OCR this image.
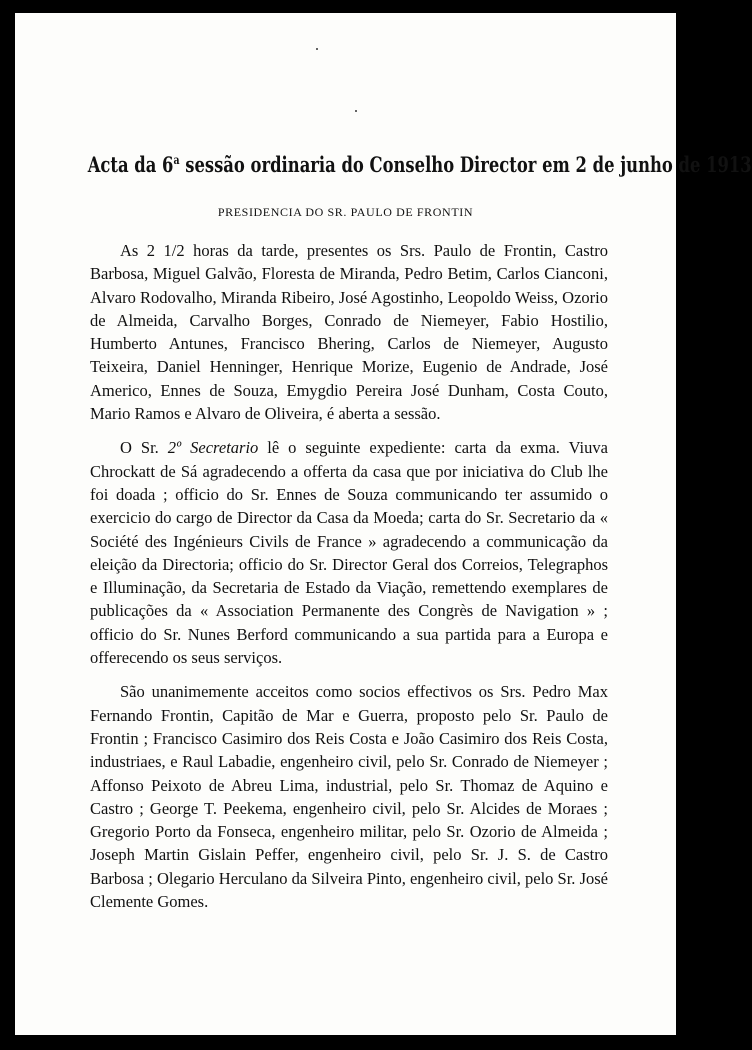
Acta da 6$^a$ sessão ordinaria do Conselho Director em 2 de junho de 1913
PRESIDENCIA DO SR. PAULO DE FRONTIN

As 2 1/2 horas da tarde, presentes os Srs. Paulo de Frontin, Castro Barbosa, Miguel Galvão, Floresta de Miranda, Pedro Betim, Carlos Cianconi, Alvaro Rodovalho, Miranda Ribeiro, José Agostinho, Leopoldo Weiss, Ozorio de Almeida, Carvalho Borges, Conrado de Niemeyer, Fabio Hostilio, Humberto Antunes, Francisco Bhering, Carlos de Niemeyer, Augusto Teixeira, Daniel Henninger, Henrique Morize, Eugenio de Andrade, José Americo, Ennes de Souza, Emygdio Pereira José Dunham, Costa Couto, Mario Ramos e Alvaro de Oliveira, é aberta a sessão.

O Sr. 2º Secretario lê o seguinte expediente: carta da exma. Viuva Chrockatt de Sá agradecendo a offerta da casa que por iniciativa do Club lhe foi doada ; officio do Sr. Ennes de Souza communicando ter assumido o exercicio do cargo de Director da Casa da Moeda; carta do Sr. Secretario da « Société des Ingénieurs Civils de France » agradecendo a communicação da eleição da Directoria; officio do Sr. Director Geral dos Correios, Telegraphos e Illuminação, da Secretaria de Estado da Viação, remettendo exemplares de publicações da « Association Permanente des Congrès de Navigation » ; officio do Sr. Nunes Berford communicando a sua partida para a Europa e offerecendo os seus serviços.

São unanimemente acceitos como socios effectivos os Srs. Pedro Max Fernando Frontin, Capitão de Mar e Guerra, proposto pelo Sr. Paulo de Frontin ; Francisco Casimiro dos Reis Costa e João Casimiro dos Reis Costa, industriaes, e Raul Labadie, engenheiro civil, pelo Sr. Conrado de Niemeyer ; Affonso Peixoto de Abreu Lima, industrial, pelo Sr. Thomaz de Aquino e Castro ; George T. Peekema, engenheiro civil, pelo Sr. Alcides de Moraes ; Gregorio Porto da Fonseca, engenheiro militar, pelo Sr. Ozorio de Almeida ; Joseph Martin Gislain Peffer, engenheiro civil, pelo Sr. J. S. de Castro Barbosa ; Olegario Herculano da Silveira Pinto, engenheiro civil, pelo Sr. José Clemente Gomes.
